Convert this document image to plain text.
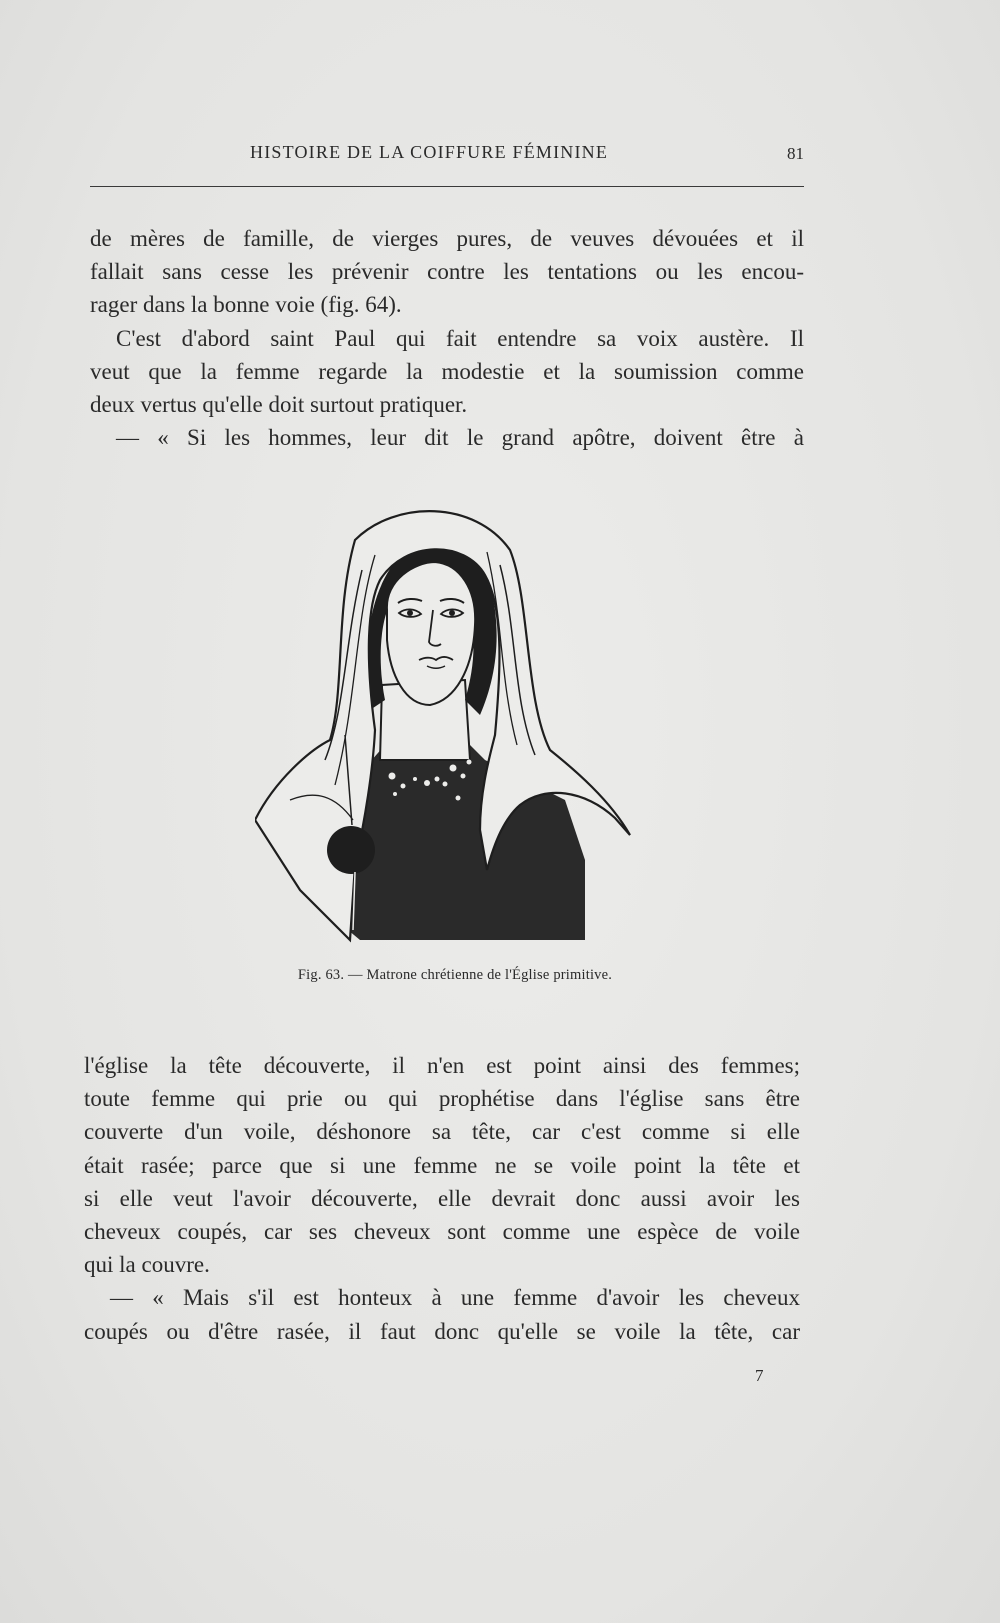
HISTOIRE DE LA COIFFURE FÉMININE	81
de mères de famille, de vierges pures, de veuves dévouées et il
fallait sans cesse les prévenir contre les tentations ou les encou-
rager dans la bonne voie (fig. 64).
C'est d'abord saint Paul qui fait entendre sa voix austère. Il
veut que la femme regarde la modestie et la soumission comme
deux vertus qu'elle doit surtout pratiquer.
— « Si les hommes, leur dit le grand apôtre, doivent être à
Fig. 63. — Matrone chrétienne de l'Église primitive.
l'église la tête découverte, il n'en est point ainsi des femmes;
toute femme qui prie ou qui prophétise dans l'église sans être
couverte d'un voile, déshonore sa tête, car c'est comme si elle
était rasée; parce que si une femme ne se voile point la tête et
si elle veut l'avoir découverte, elle devrait donc aussi avoir les
cheveux coupés, car ses cheveux sont comme une espèce de voile
qui la couvre.
— « Mais s'il est honteux à une femme d'avoir les cheveux
coupés ou d'être rasée, il faut donc qu'elle se voile la tête, car
7
